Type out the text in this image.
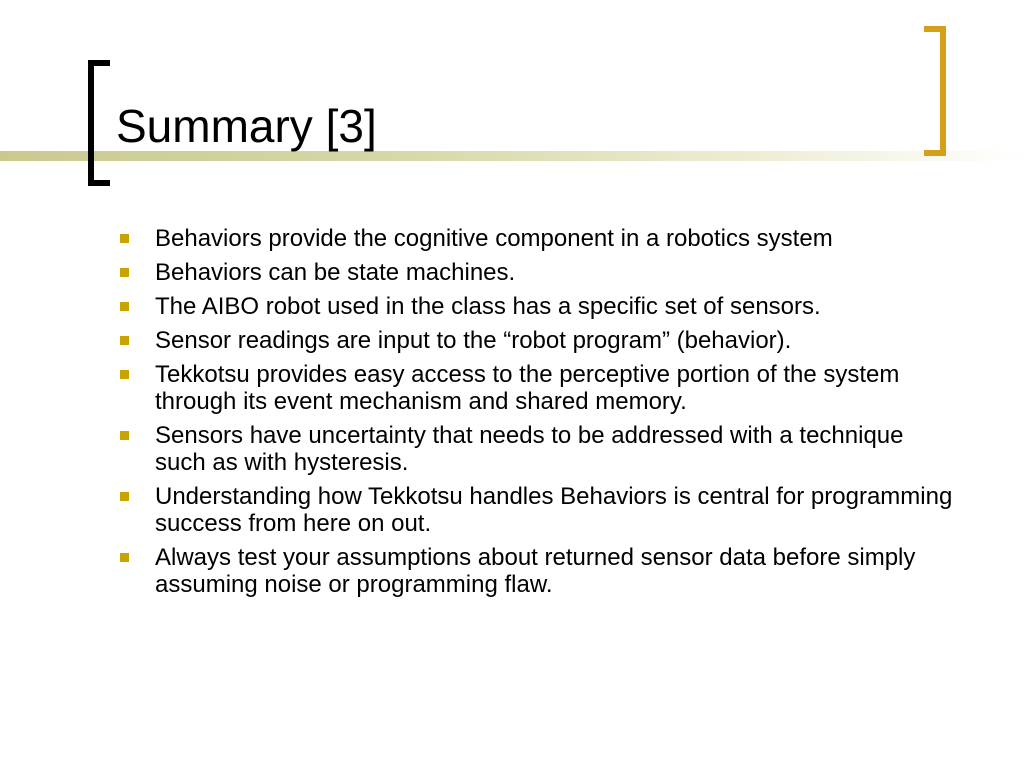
Summary [3]
Behaviors provide the cognitive component in a robotics system
Behaviors can be state machines.
The AIBO robot used in the class has a specific set of sensors.
Sensor readings are input to the “robot program” (behavior).
Tekkotsu provides easy access to the perceptive portion of the system through its event mechanism and shared memory.
Sensors have uncertainty that needs to be addressed with a technique such as with hysteresis.
Understanding how Tekkotsu handles Behaviors is central for programming success from here on out.
Always test your assumptions about returned sensor data before simply assuming noise or programming flaw.
